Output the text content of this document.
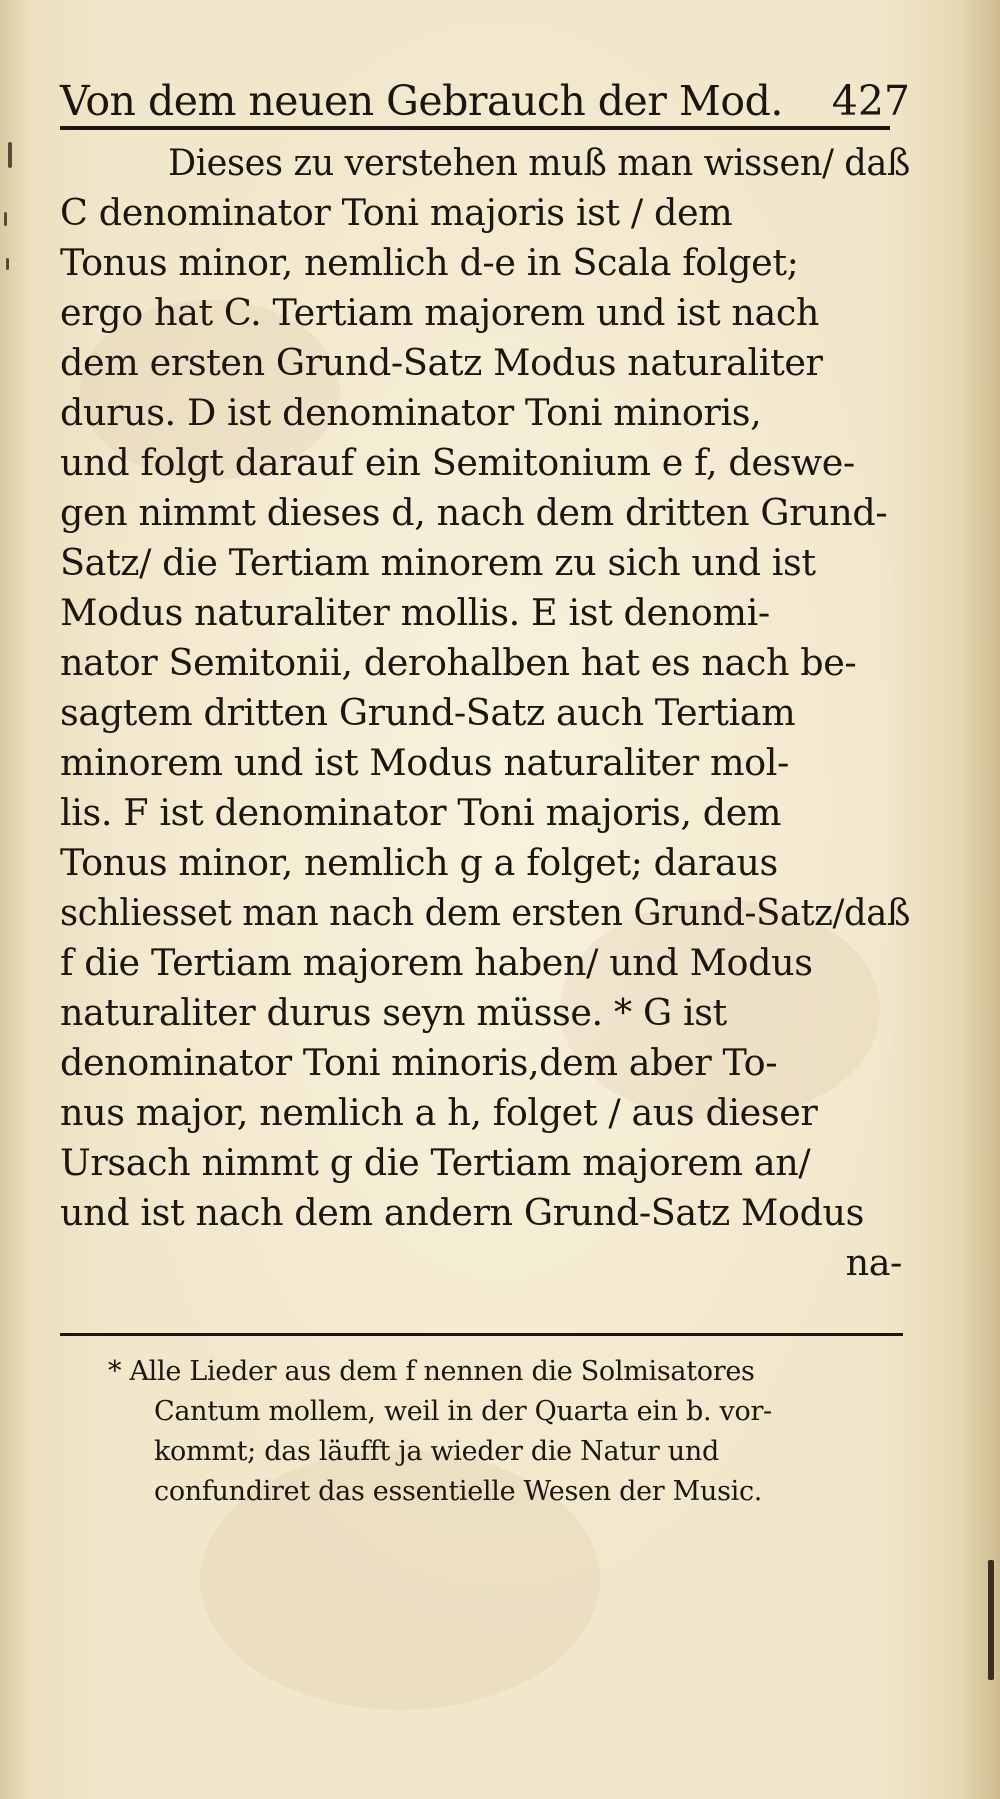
Von dem neuen Gebrauch der Mod. 427
Dieses zu verstehen muß man wissen/ daß
C denominator Toni majoris ist / dem
Tonus minor, nemlich d-e in Scala folget;
ergo hat C. Tertiam majorem und ist nach
dem ersten Grund-Satz Modus naturaliter
durus. D ist denominator Toni minoris,
und folgt darauf ein Semitonium e f, deswe-
gen nimmt dieses d, nach dem dritten Grund-
Satz/ die Tertiam minorem zu sich und ist
Modus naturaliter mollis. E ist denomi-
nator Semitonii, derohalben hat es nach be-
sagtem dritten Grund-Satz auch Tertiam
minorem und ist Modus naturaliter mol-
lis. F ist denominator Toni majoris, dem
Tonus minor, nemlich g a folget; daraus
schliesset man nach dem ersten Grund-Satz/daß
f die Tertiam majorem haben/ und Modus
naturaliter durus seyn müsse. * G ist
denominator Toni minoris,dem aber To-
nus major, nemlich a h, folget / aus dieser
Ursach nimmt g die Tertiam majorem an/
und ist nach dem andern Grund-Satz Modus
na-
* Alle Lieder aus dem f nennen die Solmisatores
Cantum mollem, weil in der Quarta ein b. vor-
kommt; das läufft ja wieder die Natur und
confundiret das essentielle Wesen der Music.
